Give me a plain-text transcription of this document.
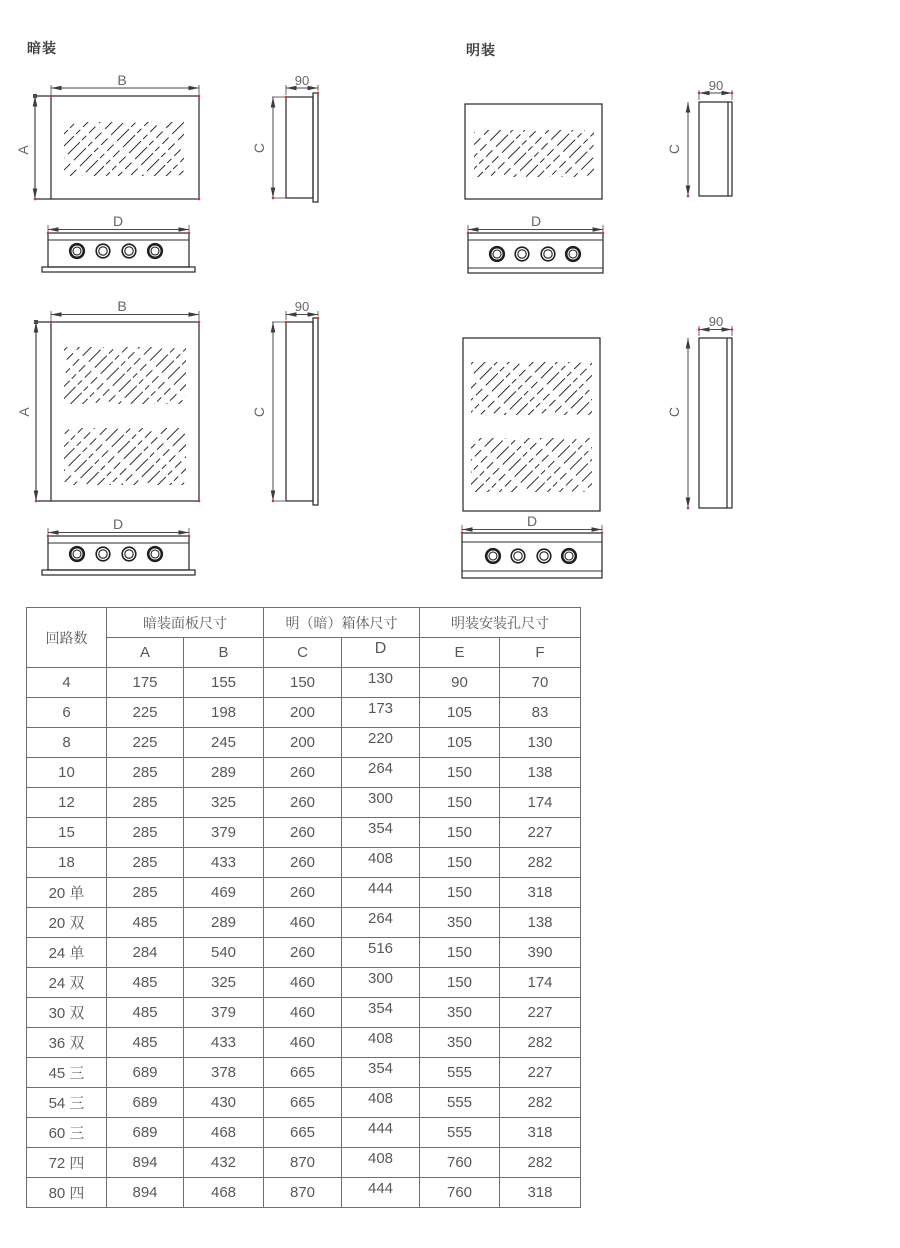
暗装	明装
B
A
90
C
D
90
C
D
B
A
90
C
D
90
C
D
回路数	暗装面板尺寸		明（暗）箱体尺寸		明装安装孔尺寸	
	A	B	C	D	E	F
4	175	155	150	130	90	70
6	225	198	200	173	105	83
8	225	245	200	220	105	130
10	285	289	260	264	150	138
12	285	325	260	300	150	174
15	285	379	260	354	150	227
18	285	433	260	408	150	282
20 单	285	469	260	444	150	318
20 双	485	289	460	264	350	138
24 单	284	540	260	516	150	390
24 双	485	325	460	300	150	174
30 双	485	379	460	354	350	227
36 双	485	433	460	408	350	282
45 三	689	378	665	354	555	227
54 三	689	430	665	408	555	282
60 三	689	468	665	444	555	318
72 四	894	432	870	408	760	282
80 四	894	468	870	444	760	318
